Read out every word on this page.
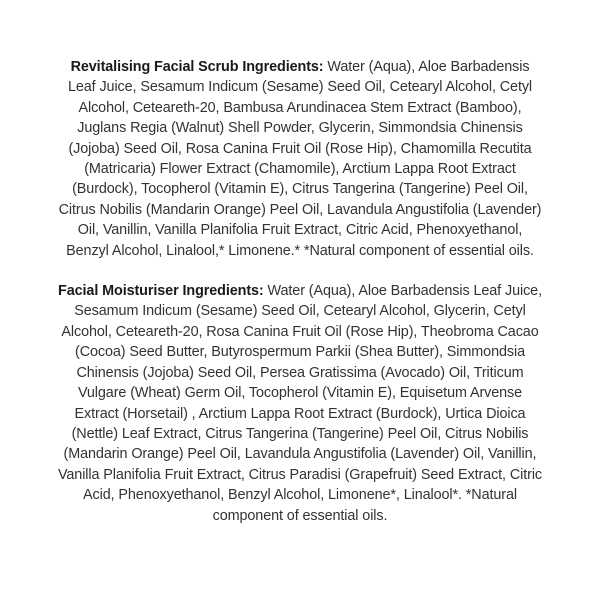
Revitalising Facial Scrub Ingredients: Water (Aqua), Aloe Barbadensis Leaf Juice, Sesamum Indicum (Sesame) Seed Oil, Cetearyl Alcohol, Cetyl Alcohol, Ceteareth-20, Bambusa Arundinacea Stem Extract (Bamboo), Juglans Regia (Walnut) Shell Powder, Glycerin, Simmondsia Chinensis (Jojoba) Seed Oil, Rosa Canina Fruit Oil (Rose Hip), Chamomilla Recutita (Matricaria) Flower Extract (Chamomile), Arctium Lappa Root Extract (Burdock), Tocopherol (Vitamin E), Citrus Tangerina (Tangerine) Peel Oil, Citrus Nobilis (Mandarin Orange) Peel Oil, Lavandula Angustifolia (Lavender) Oil, Vanillin, Vanilla Planifolia Fruit Extract, Citric Acid, Phenoxyethanol, Benzyl Alcohol, Linalool,* Limonene.* *Natural component of essential oils.

Facial Moisturiser Ingredients: Water (Aqua), Aloe Barbadensis Leaf Juice, Sesamum Indicum (Sesame) Seed Oil, Cetearyl Alcohol, Glycerin, Cetyl Alcohol, Ceteareth-20, Rosa Canina Fruit Oil (Rose Hip), Theobroma Cacao (Cocoa) Seed Butter, Butyrospermum Parkii (Shea Butter), Simmondsia Chinensis (Jojoba) Seed Oil, Persea Gratissima (Avocado) Oil, Triticum Vulgare (Wheat) Germ Oil, Tocopherol (Vitamin E), Equisetum Arvense Extract (Horsetail) , Arctium Lappa Root Extract (Burdock), Urtica Dioica (Nettle) Leaf Extract, Citrus Tangerina (Tangerine) Peel Oil, Citrus Nobilis (Mandarin Orange) Peel Oil, Lavandula Angustifolia (Lavender) Oil, Vanillin, Vanilla Planifolia Fruit Extract, Citrus Paradisi (Grapefruit) Seed Extract, Citric Acid, Phenoxyethanol, Benzyl Alcohol, Limonene*, Linalool*. *Natural component of essential oils.
